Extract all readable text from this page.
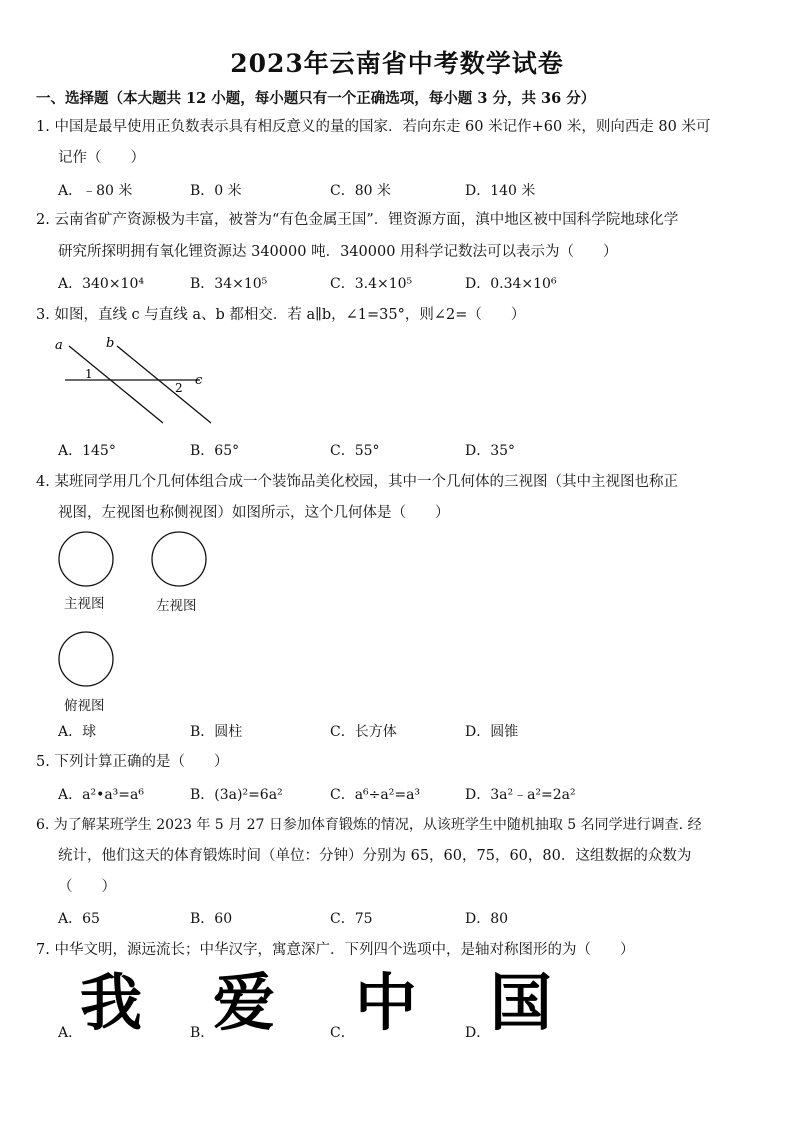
2023年云南省中考数学试卷
一、选择题（本大题共 12 小题，每小题只有一个正确选项，每小题 3 分，共 36 分）
1. 中国是最早使用正负数表示具有相反意义的量的国家．若向东走 60 米记作+60 米，则向西走 80 米可
记作（　　）
A．﹣80 米	B．0 米	C．80 米	D．140 米
2. 云南省矿产资源极为丰富，被誉为“有色金属王国”．锂资源方面，滇中地区被中国科学院地球化学
研究所探明拥有氧化锂资源达 340000 吨．340000 用科学记数法可以表示为（　　）
A．340×10⁴	B．34×10⁵	C．3.4×10⁵	D．0.34×10⁶
3. 如图，直线 c 与直线 a、b 都相交．若 a∥b，∠1=35°，则∠2=（　　）
a	b
c
1
2
A．145°	B．65°	C．55°	D．35°
4. 某班同学用几个几何体组合成一个装饰品美化校园，其中一个几何体的三视图（其中主视图也称正
视图，左视图也称侧视图）如图所示，这个几何体是（　　）
主视图	左视图
俯视图
A．球	B．圆柱	C．长方体	D．圆锥
5. 下列计算正确的是（　　）
A．a²•a³=a⁶	B．(3a)²=6a²	C．a⁶÷a²=a³	D．3a²﹣a²=2a²
6. 为了解某班学生 2023 年 5 月 27 日参加体育锻炼的情况，从该班学生中随机抽取 5 名同学进行调查. 经
统计，他们这天的体育锻炼时间（单位：分钟）分别为 65，60，75，60，80．这组数据的众数为
（　　）
A．65	B．60	C．75	D．80
7. 中华文明，源远流长；中华汉字，寓意深广．下列四个选项中，是轴对称图形的为（　　）
A．
我	B．
爱	C． 中	D． 国
